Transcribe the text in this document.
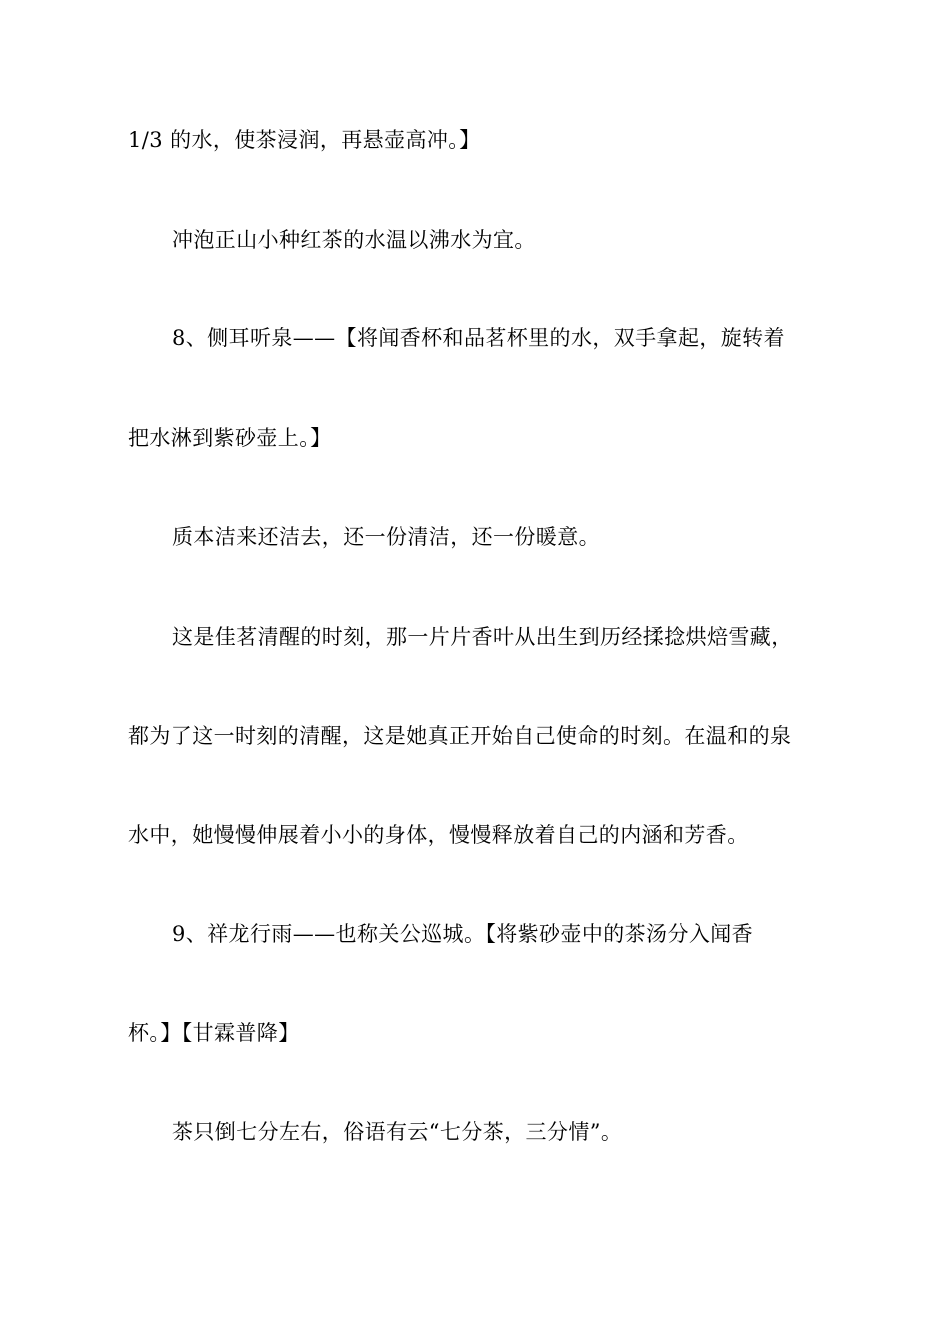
1/3 的水，使茶浸润，再悬壶高冲。】
冲泡正山小种红茶的水温以沸水为宜。
8、侧耳听泉——【将闻香杯和品茗杯里的水，双手拿起，旋转着
把水淋到紫砂壶上。】
质本洁来还洁去，还一份清洁，还一份暖意。
这是佳茗清醒的时刻，那一片片香叶从出生到历经揉捻烘焙雪藏，
都为了这一时刻的清醒，这是她真正开始自己使命的时刻。在温和的泉
水中，她慢慢伸展着小小的身体，慢慢释放着自己的内涵和芳香。
9、祥龙行雨——也称关公巡城。【将紫砂壶中的茶汤分入闻香
杯。】【甘霖普降】
茶只倒七分左右，俗语有云“七分茶，三分情”。
